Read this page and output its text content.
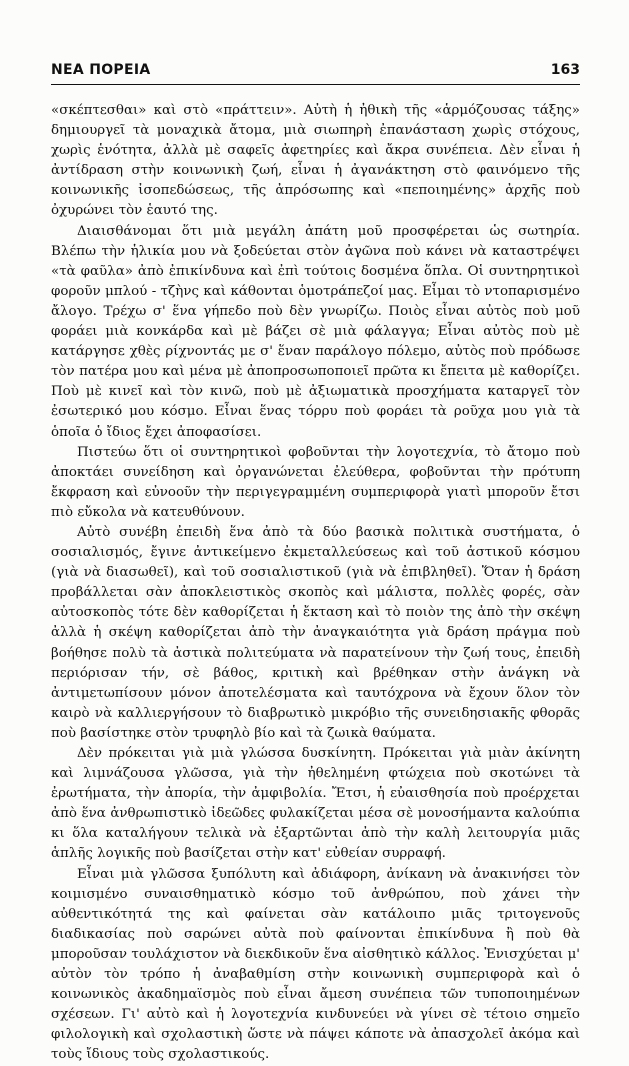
ΝΕΑ ΠΟΡΕΙΑ	163

«σκέπτεσθαι» καὶ στὸ «πράττειν». Αὐτὴ ἡ ἠθικὴ τῆς «ἁρμόζουσας τάξης» δημιουργεῖ τὰ μοναχικὰ ἄτομα, μιὰ σιωπηρὴ ἐπανάσταση χωρὶς στόχους, χωρὶς ἑνότητα, ἀλλὰ μὲ σαφεῖς ἀφετηρίες καὶ ἄκρα συνέπεια. Δὲν εἶναι ἡ ἀντίδραση στὴν κοινωνικὴ ζωή, εἶναι ἡ ἀγανάκτηση στὸ φαινόμενο τῆς κοινωνικῆς ἰσοπεδώσεως, τῆς ἀπρόσωπης καὶ «πεποιημένης» ἀρχῆς ποὺ ὀχυρώνει τὸν ἑαυτό της.

Διαισθάνομαι ὅτι μιὰ μεγάλη ἀπάτη μοῦ προσφέρεται ὡς σωτηρία. Βλέπω τὴν ἡλικία μου νὰ ξοδεύεται στὸν ἀγῶνα ποὺ κάνει νὰ καταστρέψει «τὰ φαῦλα» ἀπὸ ἐπικίνδυνα καὶ ἐπὶ τούτοις δοσμένα ὅπλα. Οἱ συντηρητικοὶ φοροῦν μπλού - τζὴνς καὶ κάθονται ὁμοτράπεζοί μας. Εἶμαι τὸ ντοπαρισμένο ἄλογο. Τρέχω σ' ἕνα γήπεδο ποὺ δὲν γνωρίζω. Ποιὸς εἶναι αὐτὸς ποὺ μοῦ φοράει μιὰ κονκάρδα καὶ μὲ βάζει σὲ μιὰ φάλαγγα; Εἶναι αὐτὸς ποὺ μὲ κατάργησε χθὲς ρίχνοντάς με σ' ἕναν παράλογο πόλεμο, αὐτὸς ποὺ πρόδωσε τὸν πατέρα μου καὶ μένα μὲ ἀποπροσωποποιεῖ πρῶτα κι ἔπειτα μὲ καθορίζει. Ποὺ μὲ κινεῖ καὶ τὸν κινῶ, ποὺ μὲ ἀξιωματικὰ προσχήματα καταργεῖ τὸν ἐσωτερικό μου κόσμο. Εἶναι ἕνας τόρρυ ποὺ φοράει τὰ ροῦχα μου γιὰ τὰ ὁποῖα ὁ ἴδιος ἔχει ἀποφασίσει.

Πιστεύω ὅτι οἱ συντηρητικοὶ φοβοῦνται τὴν λογοτεχνία, τὸ ἄτομο ποὺ ἀποκτάει συνείδηση καὶ ὀργανώνεται ἐλεύθερα, φοβοῦνται τὴν πρότυπη ἔκφραση καὶ εὐνοοῦν τὴν περιγεγραμμένη συμπεριφορὰ γιατὶ μποροῦν ἔτσι πιὸ εὔκολα νὰ κατευθύνουν.

Αὐτὸ συνέβη ἐπειδὴ ἕνα ἀπὸ τὰ δύο βασικὰ πολιτικὰ συστήματα, ὁ σοσιαλισμός, ἔγινε ἀντικείμενο ἐκμεταλλεύσεως καὶ τοῦ ἀστικοῦ κόσμου (γιὰ νὰ διασωθεῖ), καὶ τοῦ σοσιαλιστικοῦ (γιὰ νὰ ἐπιβληθεῖ). Ὅταν ἡ δράση προβάλλεται σὰν ἀποκλειστικὸς σκοπὸς καὶ μάλιστα, πολλὲς φορές, σὰν αὐτοσκοπὸς τότε δὲν καθορίζεται ἡ ἔκταση καὶ τὸ ποιὸν της ἀπὸ τὴν σκέψη ἀλλὰ ἡ σκέψη καθορίζεται ἀπὸ τὴν ἀναγκαιότητα γιὰ δράση πράγμα ποὺ βοήθησε πολὺ τὰ ἀστικὰ πολιτεύματα νὰ παρατείνουν τὴν ζωή τους, ἐπειδὴ περιόρισαν τήν, σὲ βάθος, κριτικὴ καὶ βρέθηκαν στὴν ἀνάγκη νὰ ἀντιμετωπίσουν μόνον ἀποτελέσματα καὶ ταυτόχρονα νὰ ἔχουν ὅλον τὸν καιρὸ νὰ καλλιεργήσουν τὸ διαβρωτικὸ μικρόβιο τῆς συνειδησιακῆς φθορᾶς ποὺ βασίστηκε στὸν τρυφηλὸ βίο καὶ τὰ ζωικὰ θαύματα.

Δὲν πρόκειται γιὰ μιὰ γλώσσα δυσκίνητη. Πρόκειται γιὰ μιὰν ἀκίνητη καὶ λιμνάζουσα γλῶσσα, γιὰ τὴν ἠθελημένη φτώχεια ποὺ σκοτώνει τὰ ἐρωτήματα, τὴν ἀπορία, τὴν ἀμφιβολία. Ἔτσι, ἡ εὐαισθησία ποὺ προέρχεται ἀπὸ ἕνα ἀνθρωπιστικὸ ἰδεῶδες φυλακίζεται μέσα σὲ μονοσήμαντα καλούπια κι ὅλα καταλήγουν τελικὰ νὰ ἐξαρτῶνται ἀπὸ τὴν καλὴ λειτουργία μιᾶς ἁπλῆς λογικῆς ποὺ βασίζεται στὴν κατ' εὐθείαν συρραφή.

Εἶναι μιὰ γλῶσσα ξυπόλυτη καὶ ἀδιάφορη, ἀνίκανη νὰ ἀνακινήσει τὸν κοιμισμένο συναισθηματικὸ κόσμο τοῦ ἀνθρώπου, ποὺ χάνει τὴν αὐθεντικότητά της καὶ φαίνεται σὰν κατάλοιπο μιᾶς τριτογενοῦς διαδικασίας ποὺ σαρώνει αὐτὰ ποὺ φαίνονται ἐπικίνδυνα ἢ ποὺ θὰ μποροῦσαν τουλάχιστον νὰ διεκδικοῦν ἕνα αἰσθητικὸ κάλλος. Ἐνισχύεται μ' αὐτὸν τὸν τρόπο ἡ ἀναβαθμίση στὴν κοινωνικὴ συμπεριφορὰ καὶ ὁ κοινωνικὸς ἀκαδημαϊσμὸς ποὺ εἶναι ἄμεση συνέπεια τῶν τυποποιημένων σχέσεων. Γι' αὐτὸ καὶ ἡ λογοτεχνία κινδυνεύει νὰ γίνει σὲ τέτοιο σημεῖο φιλολογικὴ καὶ σχολαστικὴ ὥστε νὰ πάψει κάποτε νὰ ἀπασχολεῖ ἀκόμα καὶ τοὺς ἴδιους τοὺς σχολαστικούς.
